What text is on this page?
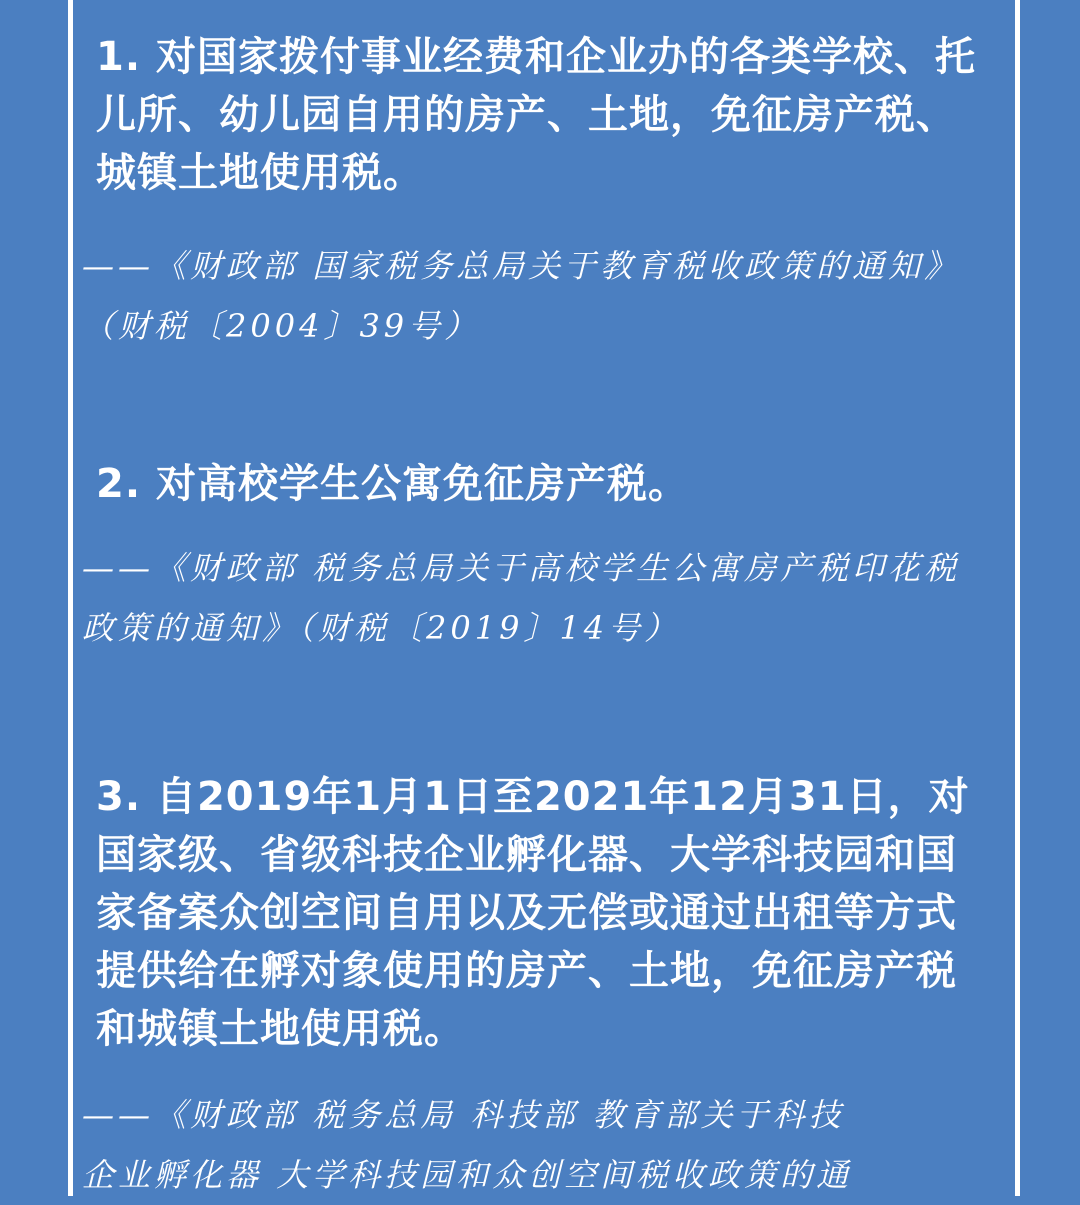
1. 对国家拨付事业经费和企业办的各类学校、托儿所、幼儿园自用的房产、土地，免征房产税、城镇土地使用税。

——《财政部 国家税务总局关于教育税收政策的通知》（财税〔2004〕39号）

2. 对高校学生公寓免征房产税。

——《财政部 税务总局关于高校学生公寓房产税印花税政策的通知》（财税〔2019〕14号）

3. 自2019年1月1日至2021年12月31日，对国家级、省级科技企业孵化器、大学科技园和国家备案众创空间自用以及无偿或通过出租等方式提供给在孵对象使用的房产、土地，免征房产税和城镇土地使用税。

——《财政部 税务总局 科技部 教育部关于科技

企业孵化器 大学科技园和众创空间税收政策的通
